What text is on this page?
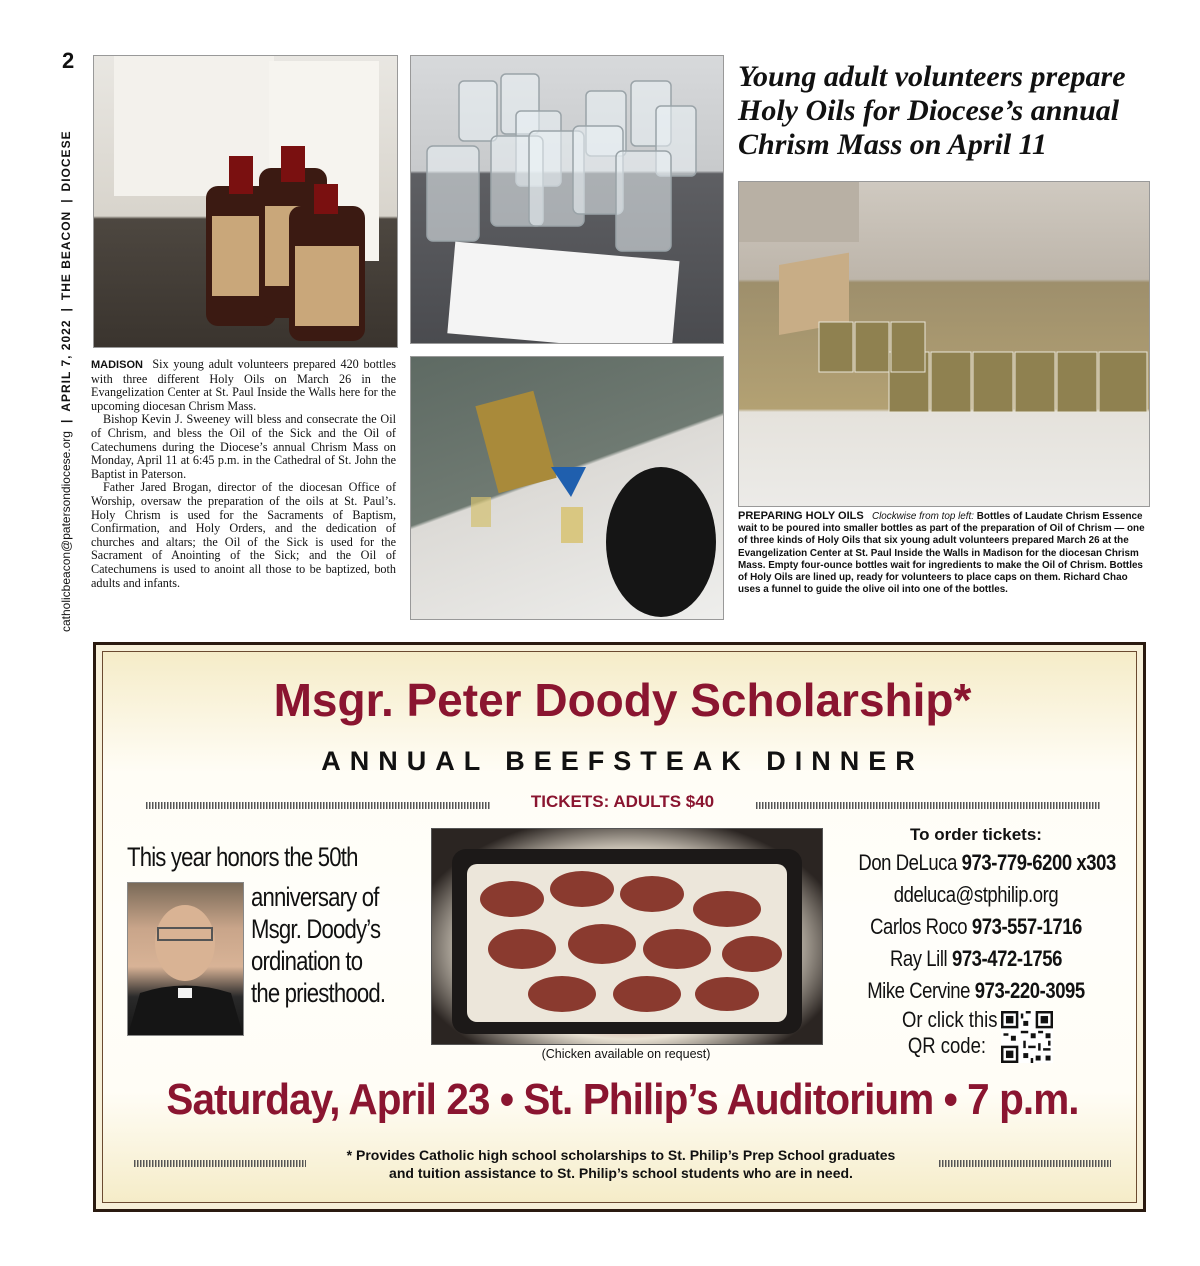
2
catholicbeacon@patersondiocese.org
|
APRIL 7, 2022
|
THE BEACON
|
DIOCESE
Young adult volunteers prepare Holy Oils for Diocese’s annual Chrism Mass on April 11

MADISON Six young adult volunteers prepared 420 bottles with three different Holy Oils on March 26 in the Evangelization Center at St. Paul Inside the Walls here for the upcoming diocesan Chrism Mass.

Bishop Kevin J. Sweeney will bless and consecrate the Oil of Chrism, and bless the Oil of the Sick and the Oil of Catechumens during the Diocese’s annual Chrism Mass on Monday, April 11 at 6:45 p.m. in the Cathedral of St. John the Baptist in Paterson.

Father Jared Brogan, director of the diocesan Office of Worship, oversaw the preparation of the oils at St. Paul’s. Holy Chrism is used for the Sacraments of Baptism, Confirmation, and Holy Orders, and the dedication of churches and altars; the Oil of the Sick is used for the Sacrament of Anointing of the Sick; and the Oil of Catechumens is used to anoint all those to be baptized, both adults and infants.

PREPARING HOLY OILS Clockwise from top left: Bottles of Laudate Chrism Essence wait to be poured into smaller bottles as part of the preparation of Oil of Chrism — one of three kinds of Holy Oils that six young adult volunteers prepared March 26 at the Evangelization Center at St. Paul Inside the Walls in Madison for the diocesan Chrism Mass. Empty four-ounce bottles wait for ingredients to make the Oil of Chrism. Bottles of Holy Oils are lined up, ready for volunteers to place caps on them. Richard Chao uses a funnel to guide the olive oil into one of the bottles.
Msgr. Peter Doody Scholarship*
ANNUAL BEEFSTEAK DINNER
TICKETS: ADULTS $40
This year honors the 50th
anniversary of
Msgr. Doody’s
ordination to
the priesthood.
(Chicken available on request)
To order tickets:
Don DeLuca 973-779-6200 x303
ddeluca@stphilip.org
Carlos Roco 973-557-1716
Ray Lill 973-472-1756
Mike Cervine 973-220-3095
Or click this
QR code:
Saturday, April 23 • St. Philip’s Auditorium • 7 p.m.
* Provides Catholic high school scholarships to St. Philip’s Prep School graduates
and tuition assistance to St. Philip’s school students who are in need.
